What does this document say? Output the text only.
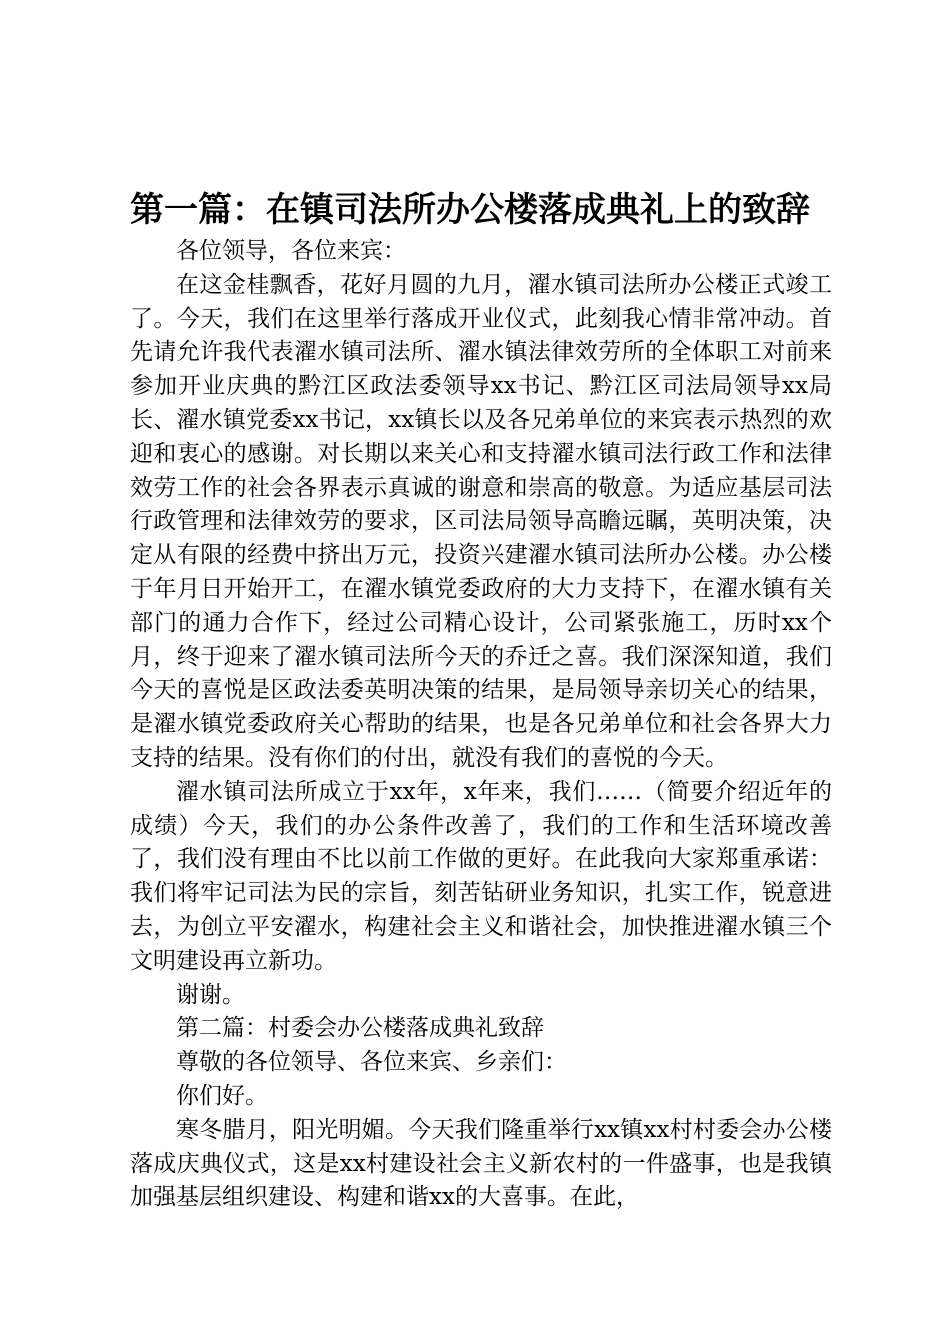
第一篇：在镇司法所办公楼落成典礼上的致辞

各位领导，各位来宾：

在这金桂飘香，花好月圆的九月，濯水镇司法所办公楼正式竣工了。今天，我们在这里举行落成开业仪式，此刻我心情非常冲动。首先请允许我代表濯水镇司法所、濯水镇法律效劳所的全体职工对前来参加开业庆典的黔江区政法委领导xx书记、黔江区司法局领导xx局长、濯水镇党委xx书记，xx镇长以及各兄弟单位的来宾表示热烈的欢迎和衷心的感谢。对长期以来关心和支持濯水镇司法行政工作和法律效劳工作的社会各界表示真诚的谢意和崇高的敬意。为适应基层司法行政管理和法律效劳的要求，区司法局领导高瞻远瞩，英明决策，决定从有限的经费中挤出万元，投资兴建濯水镇司法所办公楼。办公楼于年月日开始开工，在濯水镇党委政府的大力支持下，在濯水镇有关部门的通力合作下，经过公司精心设计，公司紧张施工，历时xx个月，终于迎来了濯水镇司法所今天的乔迁之喜。我们深深知道，我们今天的喜悦是区政法委英明决策的结果，是局领导亲切关心的结果，是濯水镇党委政府关心帮助的结果，也是各兄弟单位和社会各界大力支持的结果。没有你们的付出，就没有我们的喜悦的今天。

濯水镇司法所成立于xx年，x年来，我们……（简要介绍近年的成绩）今天，我们的办公条件改善了，我们的工作和生活环境改善了，我们没有理由不比以前工作做的更好。在此我向大家郑重承诺：我们将牢记司法为民的宗旨，刻苦钻研业务知识，扎实工作，锐意进去，为创立平安濯水，构建社会主义和谐社会，加快推进濯水镇三个文明建设再立新功。

谢谢。

第二篇：村委会办公楼落成典礼致辞

尊敬的各位领导、各位来宾、乡亲们：

你们好。

寒冬腊月，阳光明媚。今天我们隆重举行xx镇xx村村委会办公楼落成庆典仪式，这是xx村建设社会主义新农村的一件盛事，也是我镇加强基层组织建设、构建和谐xx的大喜事。在此，
